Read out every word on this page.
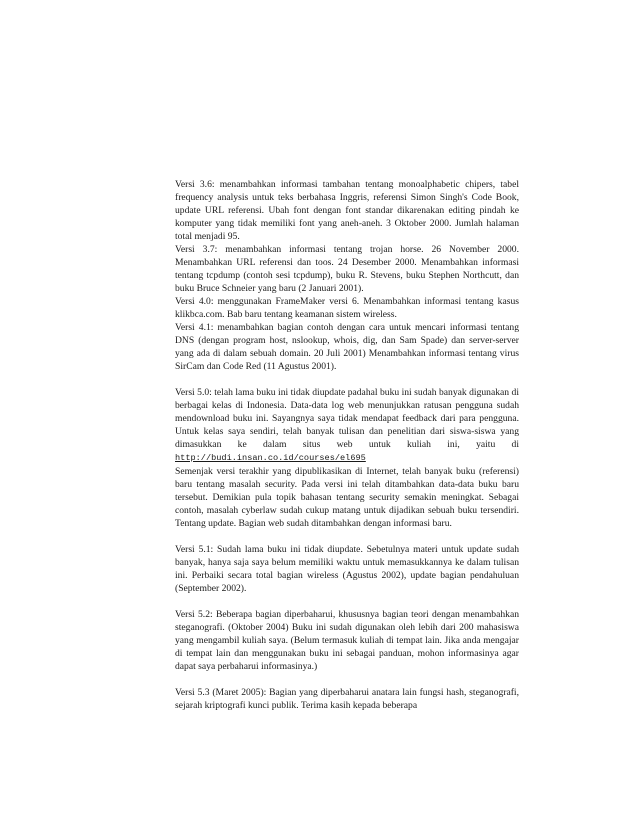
Versi 3.6: menambahkan informasi tambahan tentang monoalphabetic chipers, tabel frequency analysis untuk teks berbahasa Inggris, referensi Simon Singh's Code Book, update URL referensi. Ubah font dengan font standar dikarenakan editing pindah ke komputer yang tidak memiliki font yang aneh-aneh. 3 Oktober 2000. Jumlah halaman total menjadi 95.

Versi 3.7: menambahkan informasi tentang trojan horse. 26 November 2000. Menambahkan URL referensi dan toos. 24 Desember 2000. Menambahkan informasi tentang tcpdump (contoh sesi tcpdump), buku R. Stevens, buku Stephen Northcutt, dan buku Bruce Schneier yang baru (2 Januari 2001).

Versi 4.0: menggunakan FrameMaker versi 6. Menambahkan informasi tentang kasus klikbca.com. Bab baru tentang keamanan sistem wireless.

Versi 4.1: menambahkan bagian contoh dengan cara untuk mencari informasi tentang DNS (dengan program host, nslookup, whois, dig, dan Sam Spade) dan server-server yang ada di dalam sebuah domain. 20 Juli 2001) Menambahkan informasi tentang virus SirCam dan Code Red (11 Agustus 2001).

Versi 5.0: telah lama buku ini tidak diupdate padahal buku ini sudah banyak digunakan di berbagai kelas di Indonesia. Data-data log web menunjukkan ratusan pengguna sudah mendownload buku ini. Sayangnya saya tidak mendapat feedback dari para pengguna. Untuk kelas saya sendiri, telah banyak tulisan dan penelitian dari siswa-siswa yang dimasukkan ke dalam situs web untuk kuliah ini, yaitu di http://budi.insan.co.id/courses/el695

Semenjak versi terakhir yang dipublikasikan di Internet, telah banyak buku (referensi) baru tentang masalah security. Pada versi ini telah ditambahkan data-data buku baru tersebut. Demikian pula topik bahasan tentang security semakin meningkat. Sebagai contoh, masalah cyberlaw sudah cukup matang untuk dijadikan sebuah buku tersendiri. Tentang update. Bagian web sudah ditambahkan dengan informasi baru.

Versi 5.1: Sudah lama buku ini tidak diupdate. Sebetulnya materi untuk update sudah banyak, hanya saja saya belum memiliki waktu untuk memasukkannya ke dalam tulisan ini. Perbaiki secara total bagian wireless (Agustus 2002), update bagian pendahuluan (September 2002).

Versi 5.2: Beberapa bagian diperbaharui, khususnya bagian teori dengan menambahkan steganografi. (Oktober 2004) Buku ini sudah digunakan oleh lebih dari 200 mahasiswa yang mengambil kuliah saya. (Belum termasuk kuliah di tempat lain. Jika anda mengajar di tempat lain dan menggunakan buku ini sebagai panduan, mohon informasinya agar dapat saya perbaharui informasinya.)

Versi 5.3 (Maret 2005): Bagian yang diperbaharui anatara lain fungsi hash, steganografi, sejarah kriptografi kunci publik. Terima kasih kepada beberapa
